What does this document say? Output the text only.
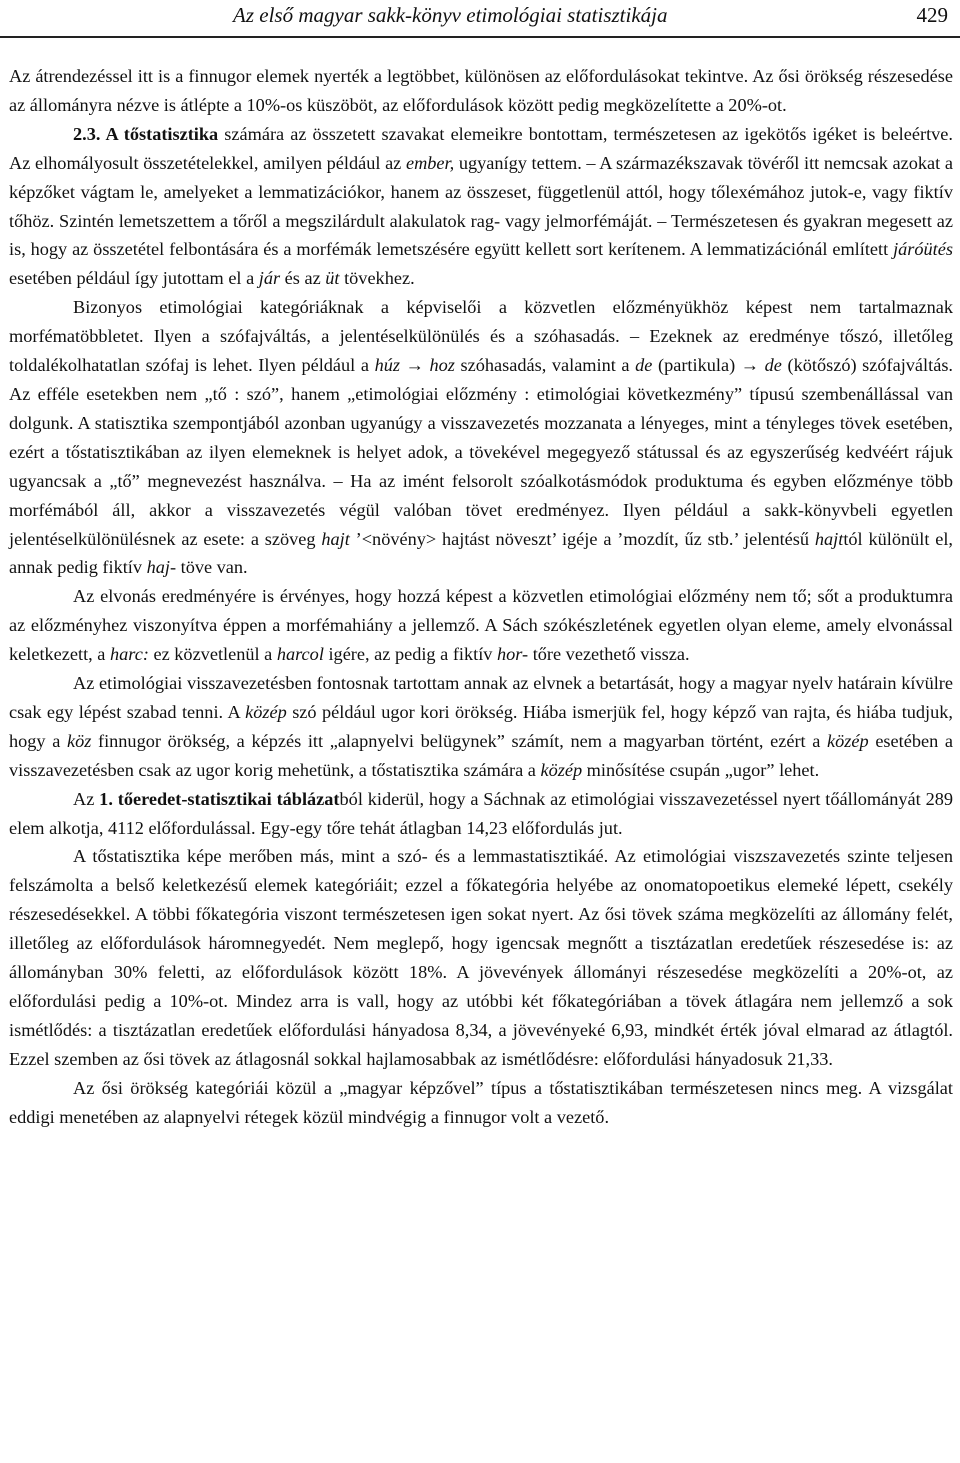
Az első magyar sakk-könyv etimológiai statisztikája	429

Az átrendezéssel itt is a finnugor elemek nyerték a legtöbbet, különösen az előfordulásokat tekintve. Az ősi örökség részesedése az állományra nézve is átlépte a 10%-os küszöböt, az előfordulások között pedig megközelítette a 20%-ot.

2.3. A tőstatisztika számára az összetett szavakat elemeikre bontottam, természetesen az igekötős igéket is beleértve. Az elhomályosult összetételekkel, amilyen például az ember, ugyanígy tettem. – A származékszavak tövéről itt nemcsak azokat a képzőket vágtam le, amelyeket a lemmatizációkor, hanem az összeset, függetlenül attól, hogy tőlexémához jutok-e, vagy fiktív tőhöz. Szintén lemetszettem a tőről a megszilárdult alakulatok rag- vagy jelmorfémáját. – Természetesen és gyakran megesett az is, hogy az összetétel felbontására és a morfémák lemetszésére együtt kellett sort kerítenem. A lemmatizációnál említett járóütés esetében például így jutottam el a jár és az üt tövekhez.

Bizonyos etimológiai kategóriáknak a képviselői a közvetlen előzményükhöz képest nem tartalmaznak morfématöbbletet. Ilyen a szófajváltás, a jelentéselkülönülés és a szóhasadás. – Ezeknek az eredménye tőszó, illetőleg toldalékolhatatlan szófaj is lehet. Ilyen például a húz → hoz szóhasadás, valamint a de (partikula) → de (kötőszó) szófajváltás. Az efféle esetekben nem „tő : szó”, hanem „etimológiai előzmény : etimológiai következmény” típusú szembenállással van dolgunk. A statisztika szempontjából azonban ugyanúgy a visszavezetés mozzanata a lényeges, mint a tényleges tövek esetében, ezért a tőstatisztikában az ilyen elemeknek is helyet adok, a tövekével megegyező státussal és az egyszerűség kedvéért rájuk ugyancsak a „tő” megnevezést használva. – Ha az imént felsorolt szóalkotásmódok produktuma és egyben előzménye több morfémából áll, akkor a visszavezetés végül valóban tövet eredményez. Ilyen például a sakk-könyvbeli egyetlen jelentéselkülönülésnek az esete: a szöveg hajt ’<növény> hajtást növeszt’ igéje a ’mozdít, űz stb.’ jelentésű hajttól különült el, annak pedig fiktív haj- töve van.

Az elvonás eredményére is érvényes, hogy hozzá képest a közvetlen etimológiai előzmény nem tő; sőt a produktumra az előzményhez viszonyítva éppen a morfémahiány a jellemző. A Sách szókészletének egyetlen olyan eleme, amely elvonással keletkezett, a harc: ez közvetlenül a harcol igére, az pedig a fiktív hor- tőre vezethető vissza.

Az etimológiai visszavezetésben fontosnak tartottam annak az elvnek a betartását, hogy a magyar nyelv határain kívülre csak egy lépést szabad tenni. A közép szó például ugor kori örökség. Hiába ismerjük fel, hogy képző van rajta, és hiába tudjuk, hogy a köz finnugor örökség, a képzés itt „alapnyelvi belügynek” számít, nem a magyarban történt, ezért a közép esetében a visszavezetésben csak az ugor korig mehetünk, a tőstatisztika számára a közép minősítése csupán „ugor” lehet.

Az 1. tőeredet-statisztikai táblázatból kiderül, hogy a Sáchnak az etimológiai visszavezetéssel nyert tőállományát 289 elem alkotja, 4112 előfordulással. Egy-egy tőre tehát átlagban 14,23 előfordulás jut.

A tőstatisztika képe merőben más, mint a szó- és a lemmastatisztikáé. Az etimológiai viszszavezetés szinte teljesen felszámolta a belső keletkezésű elemek kategóriáit; ezzel a főkategória helyébe az onomatopoetikus elemeké lépett, csekély részesedésekkel. A többi főkategória viszont természetesen igen sokat nyert. Az ősi tövek száma megközelíti az állomány felét, illetőleg az előfordulások háromnegyedét. Nem meglepő, hogy igencsak megnőtt a tisztázatlan eredetűek részesedése is: az állományban 30% feletti, az előfordulások között 18%. A jövevények állományi részesedése megközelíti a 20%-ot, az előfordulási pedig a 10%-ot. Mindez arra is vall, hogy az utóbbi két főkategóriában a tövek átlagára nem jellemző a sok ismétlődés: a tisztázatlan eredetűek előfordulási hányadosa 8,34, a jövevényeké 6,93, mindkét érték jóval elmarad az átlagtól. Ezzel szemben az ősi tövek az átlagosnál sokkal hajlamosabbak az ismétlődésre: előfordulási hányadosuk 21,33.

Az ősi örökség kategóriái közül a „magyar képzővel” típus a tőstatisztikában természetesen nincs meg. A vizsgálat eddigi menetében az alapnyelvi rétegek közül mindvégig a finnugor volt a vezető.
